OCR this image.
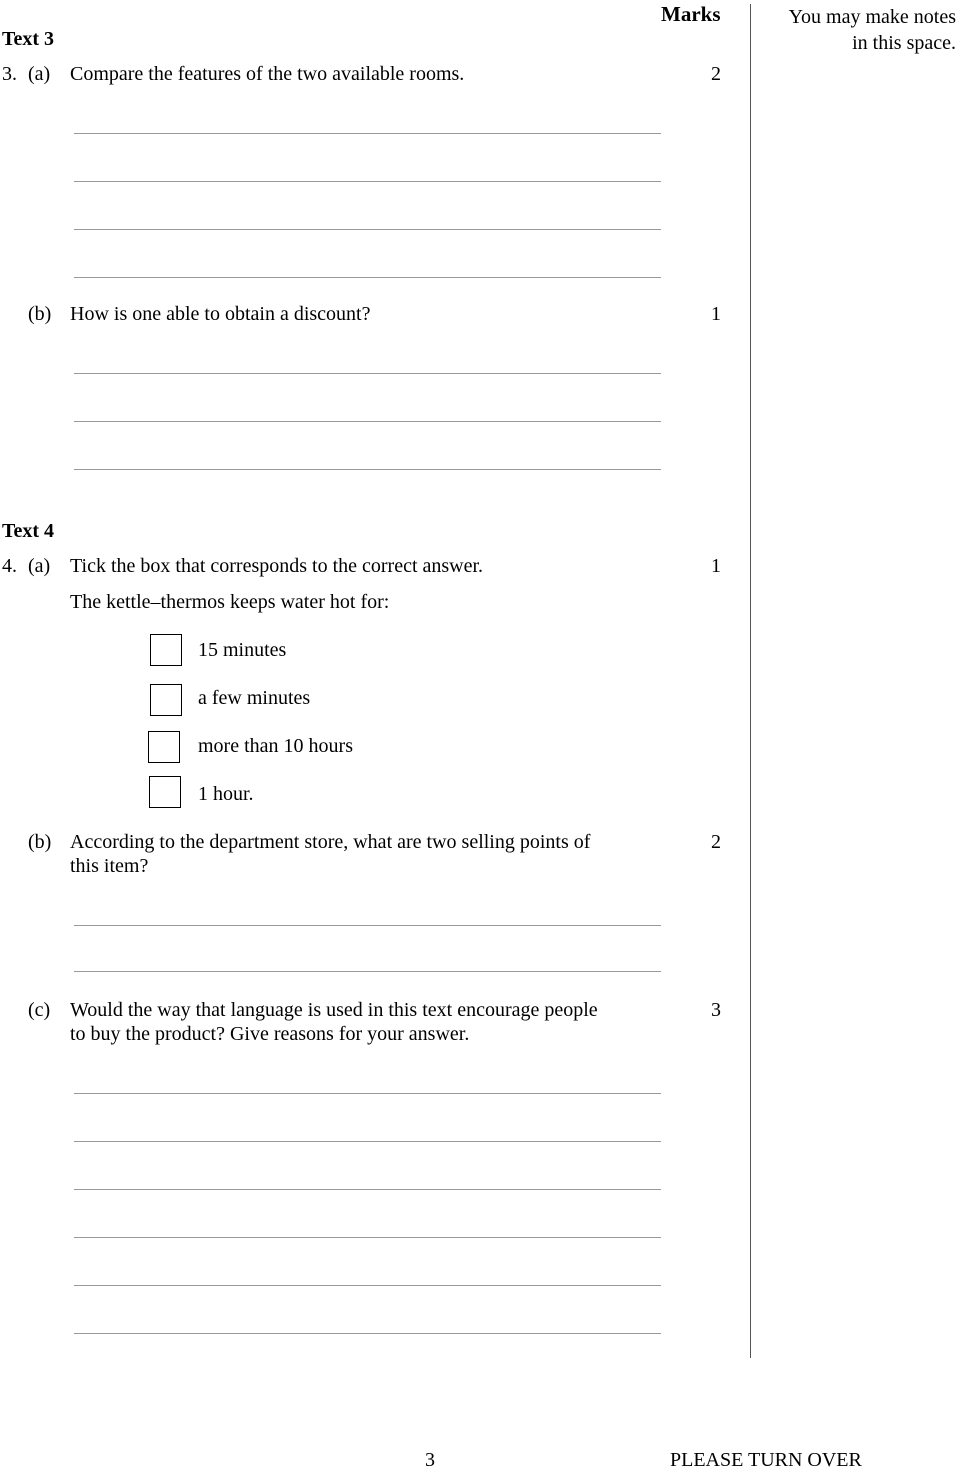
Marks	You may make notes
in this space.
Text 3
3. (a) Compare the features of the two available rooms.	2
(b) How is one able to obtain a discount?	1
Text 4
4. (a) Tick the box that corresponds to the correct answer.	1
The kettle–thermos keeps water hot for:
15 minutes
a few minutes
more than 10 hours
1 hour.
(b) According to the department store, what are two selling points of
this item?
2
(c) Would the way that language is used in this text encourage people
to buy the product? Give reasons for your answer.
3
3	PLEASE TURN OVER
